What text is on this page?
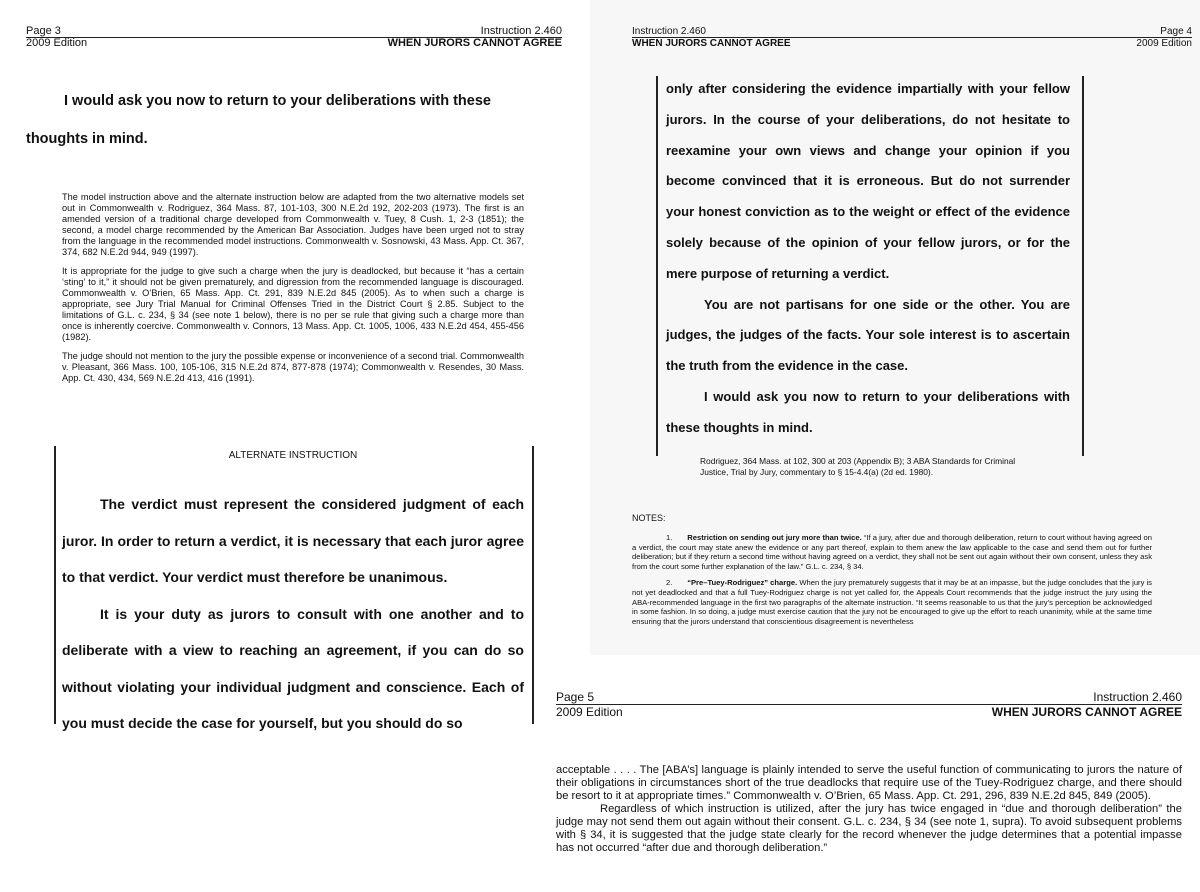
Page 3	Instruction 2.460
2009 Edition	WHEN JURORS CANNOT AGREE

I would ask you now to return to your deliberations with these thoughts in mind.

The model instruction above and the alternate instruction below are adapted from the two alternative models set out in Commonwealth v. Rodriguez, 364 Mass. 87, 101-103, 300 N.E.2d 192, 202-203 (1973). The first is an amended version of a traditional charge developed from Commonwealth v. Tuey, 8 Cush. 1, 2-3 (1851); the second, a model charge recommended by the American Bar Association. Judges have been urged not to stray from the language in the recommended model instructions. Commonwealth v. Sosnowski, 43 Mass. App. Ct. 367, 374, 682 N.E.2d 944, 949 (1997).

It is appropriate for the judge to give such a charge when the jury is deadlocked, but because it “has a certain ‘sting’ to it,” it should not be given prematurely, and digression from the recommended language is discouraged. Commonwealth v. O’Brien, 65 Mass. App. Ct. 291, 839 N.E.2d 845 (2005). As to when such a charge is appropriate, see Jury Trial Manual for Criminal Offenses Tried in the District Court § 2.85. Subject to the limitations of G.L. c. 234, § 34 (see note 1 below), there is no per se rule that giving such a charge more than once is inherently coercive. Commonwealth v. Connors, 13 Mass. App. Ct. 1005, 1006, 433 N.E.2d 454, 455-456 (1982).

The judge should not mention to the jury the possible expense or inconvenience of a second trial. Commonwealth v. Pleasant, 366 Mass. 100, 105-106, 315 N.E.2d 874, 877-878 (1974); Commonwealth v. Resendes, 30 Mass. App. Ct. 430, 434, 569 N.E.2d 413, 416 (1991).

ALTERNATE INSTRUCTION

The verdict must represent the considered judgment of each juror. In order to return a verdict, it is necessary that each juror agree to that verdict. Your verdict must therefore be unanimous.

It is your duty as jurors to consult with one another and to deliberate with a view to reaching an agreement, if you can do so without violating your individual judgment and conscience. Each of you must decide the case for yourself, but you should do so

Instruction 2.460	Page 4
WHEN JURORS CANNOT AGREE	2009 Edition

only after considering the evidence impartially with your fellow jurors. In the course of your deliberations, do not hesitate to reexamine your own views and change your opinion if you become convinced that it is erroneous. But do not surrender your honest conviction as to the weight or effect of the evidence solely because of the opinion of your fellow jurors, or for the mere purpose of returning a verdict.

You are not partisans for one side or the other. You are judges, the judges of the facts. Your sole interest is to ascertain the truth from the evidence in the case.

I would ask you now to return to your deliberations with these thoughts in mind.

Rodriguez, 364 Mass. at 102, 300 at 203 (Appendix B); 3 ABA Standards for Criminal Justice, Trial by Jury, commentary to § 15-4.4(a) (2d ed. 1980).

NOTES:

1. Restriction on sending out jury more than twice. “If a jury, after due and thorough deliberation, return to court without having agreed on a verdict, the court may state anew the evidence or any part thereof, explain to them anew the law applicable to the case and send them out for further deliberation; but if they return a second time without having agreed on a verdict, they shall not be sent out again without their own consent, unless they ask from the court some further explanation of the law.” G.L. c. 234, § 34.

2. “Pre–Tuey-Rodriguez” charge. When the jury prematurely suggests that it may be at an impasse, but the judge concludes that the jury is not yet deadlocked and that a full Tuey-Rodriguez charge is not yet called for, the Appeals Court recommends that the judge instruct the jury using the ABA-recommended language in the first two paragraphs of the alternate instruction. “It seems reasonable to us that the jury’s perception be acknowledged in some fashion. In so doing, a judge must exercise caution that the jury not be encouraged to give up the effort to reach unanimity, while at the same time ensuring that the jurors understand that conscientious disagreement is nevertheless

Page 5	Instruction 2.460
2009 Edition	WHEN JURORS CANNOT AGREE

acceptable . . . . The [ABA’s] language is plainly intended to serve the useful function of communicating to jurors the nature of their obligations in circumstances short of the true deadlocks that require use of the Tuey-Rodriguez charge, and there should be resort to it at appropriate times.” Commonwealth v. O’Brien, 65 Mass. App. Ct. 291, 296, 839 N.E.2d 845, 849 (2005).

Regardless of which instruction is utilized, after the jury has twice engaged in “due and thorough deliberation” the judge may not send them out again without their consent. G.L. c. 234, § 34 (see note 1, supra). To avoid subsequent problems with § 34, it is suggested that the judge state clearly for the record whenever the judge determines that a potential impasse has not occurred “after due and thorough deliberation.”
